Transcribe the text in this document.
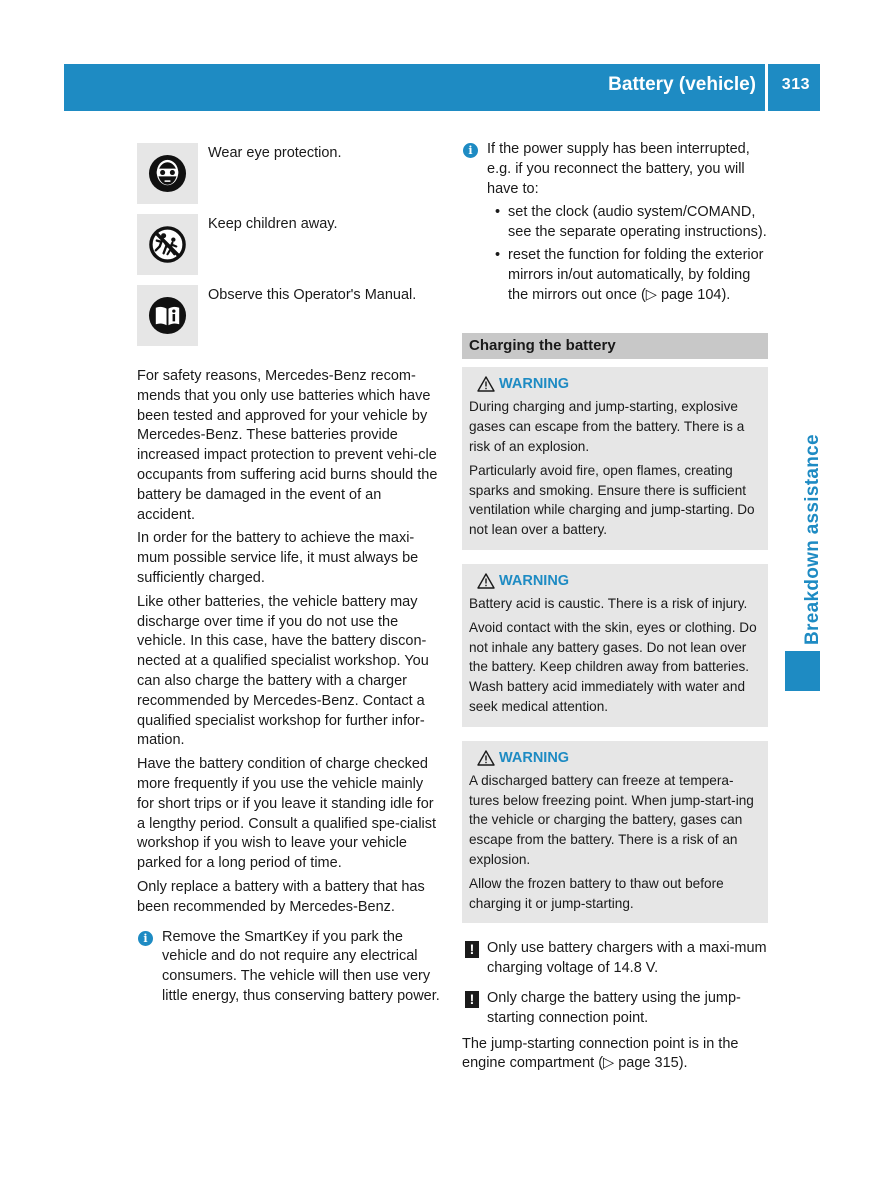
Battery (vehicle) 313
Breakdown assistance
Wear eye protection.
Keep children away.
Observe this Operator's Manual.

For safety reasons, Mercedes-Benz recom-mends that you only use batteries which have been tested and approved for your vehicle by Mercedes-Benz. These batteries provide increased impact protection to prevent vehi-cle occupants from suffering acid burns should the battery be damaged in the event of an accident.

In order for the battery to achieve the maxi-mum possible service life, it must always be sufficiently charged.

Like other batteries, the vehicle battery may discharge over time if you do not use the vehicle. In this case, have the battery discon-nected at a qualified specialist workshop. You can also charge the battery with a charger recommended by Mercedes-Benz. Contact a qualified specialist workshop for further infor-mation.

Have the battery condition of charge checked more frequently if you use the vehicle mainly for short trips or if you leave it standing idle for a lengthy period. Consult a qualified spe-cialist workshop if you wish to leave your vehicle parked for a long period of time.

Only replace a battery with a battery that has been recommended by Mercedes-Benz.

i Remove the SmartKey if you park the vehicle and do not require any electrical consumers. The vehicle will then use very little energy, thus conserving battery power.
i If the power supply has been interrupted, e.g. if you reconnect the battery, you will have to:
• set the clock (audio system/COMAND, see the separate operating instructions).
• reset the function for folding the exterior mirrors in/out automatically, by folding the mirrors out once (▷ page 104).
Charging the battery
WARNING

During charging and jump-starting, explosive gases can escape from the battery. There is a risk of an explosion.

Particularly avoid fire, open flames, creating sparks and smoking. Ensure there is sufficient ventilation while charging and jump-starting. Do not lean over a battery.

WARNING

Battery acid is caustic. There is a risk of injury.

Avoid contact with the skin, eyes or clothing. Do not inhale any battery gases. Do not lean over the battery. Keep children away from batteries. Wash battery acid immediately with water and seek medical attention.

WARNING

A discharged battery can freeze at tempera-tures below freezing point. When jump-start-ing the vehicle or charging the battery, gases can escape from the battery. There is a risk of an explosion.

Allow the frozen battery to thaw out before charging it or jump-starting.

! Only use battery chargers with a maxi-mum charging voltage of 14.8 V.
! Only charge the battery using the jump-starting connection point.

The jump-starting connection point is in the engine compartment (▷ page 315).
